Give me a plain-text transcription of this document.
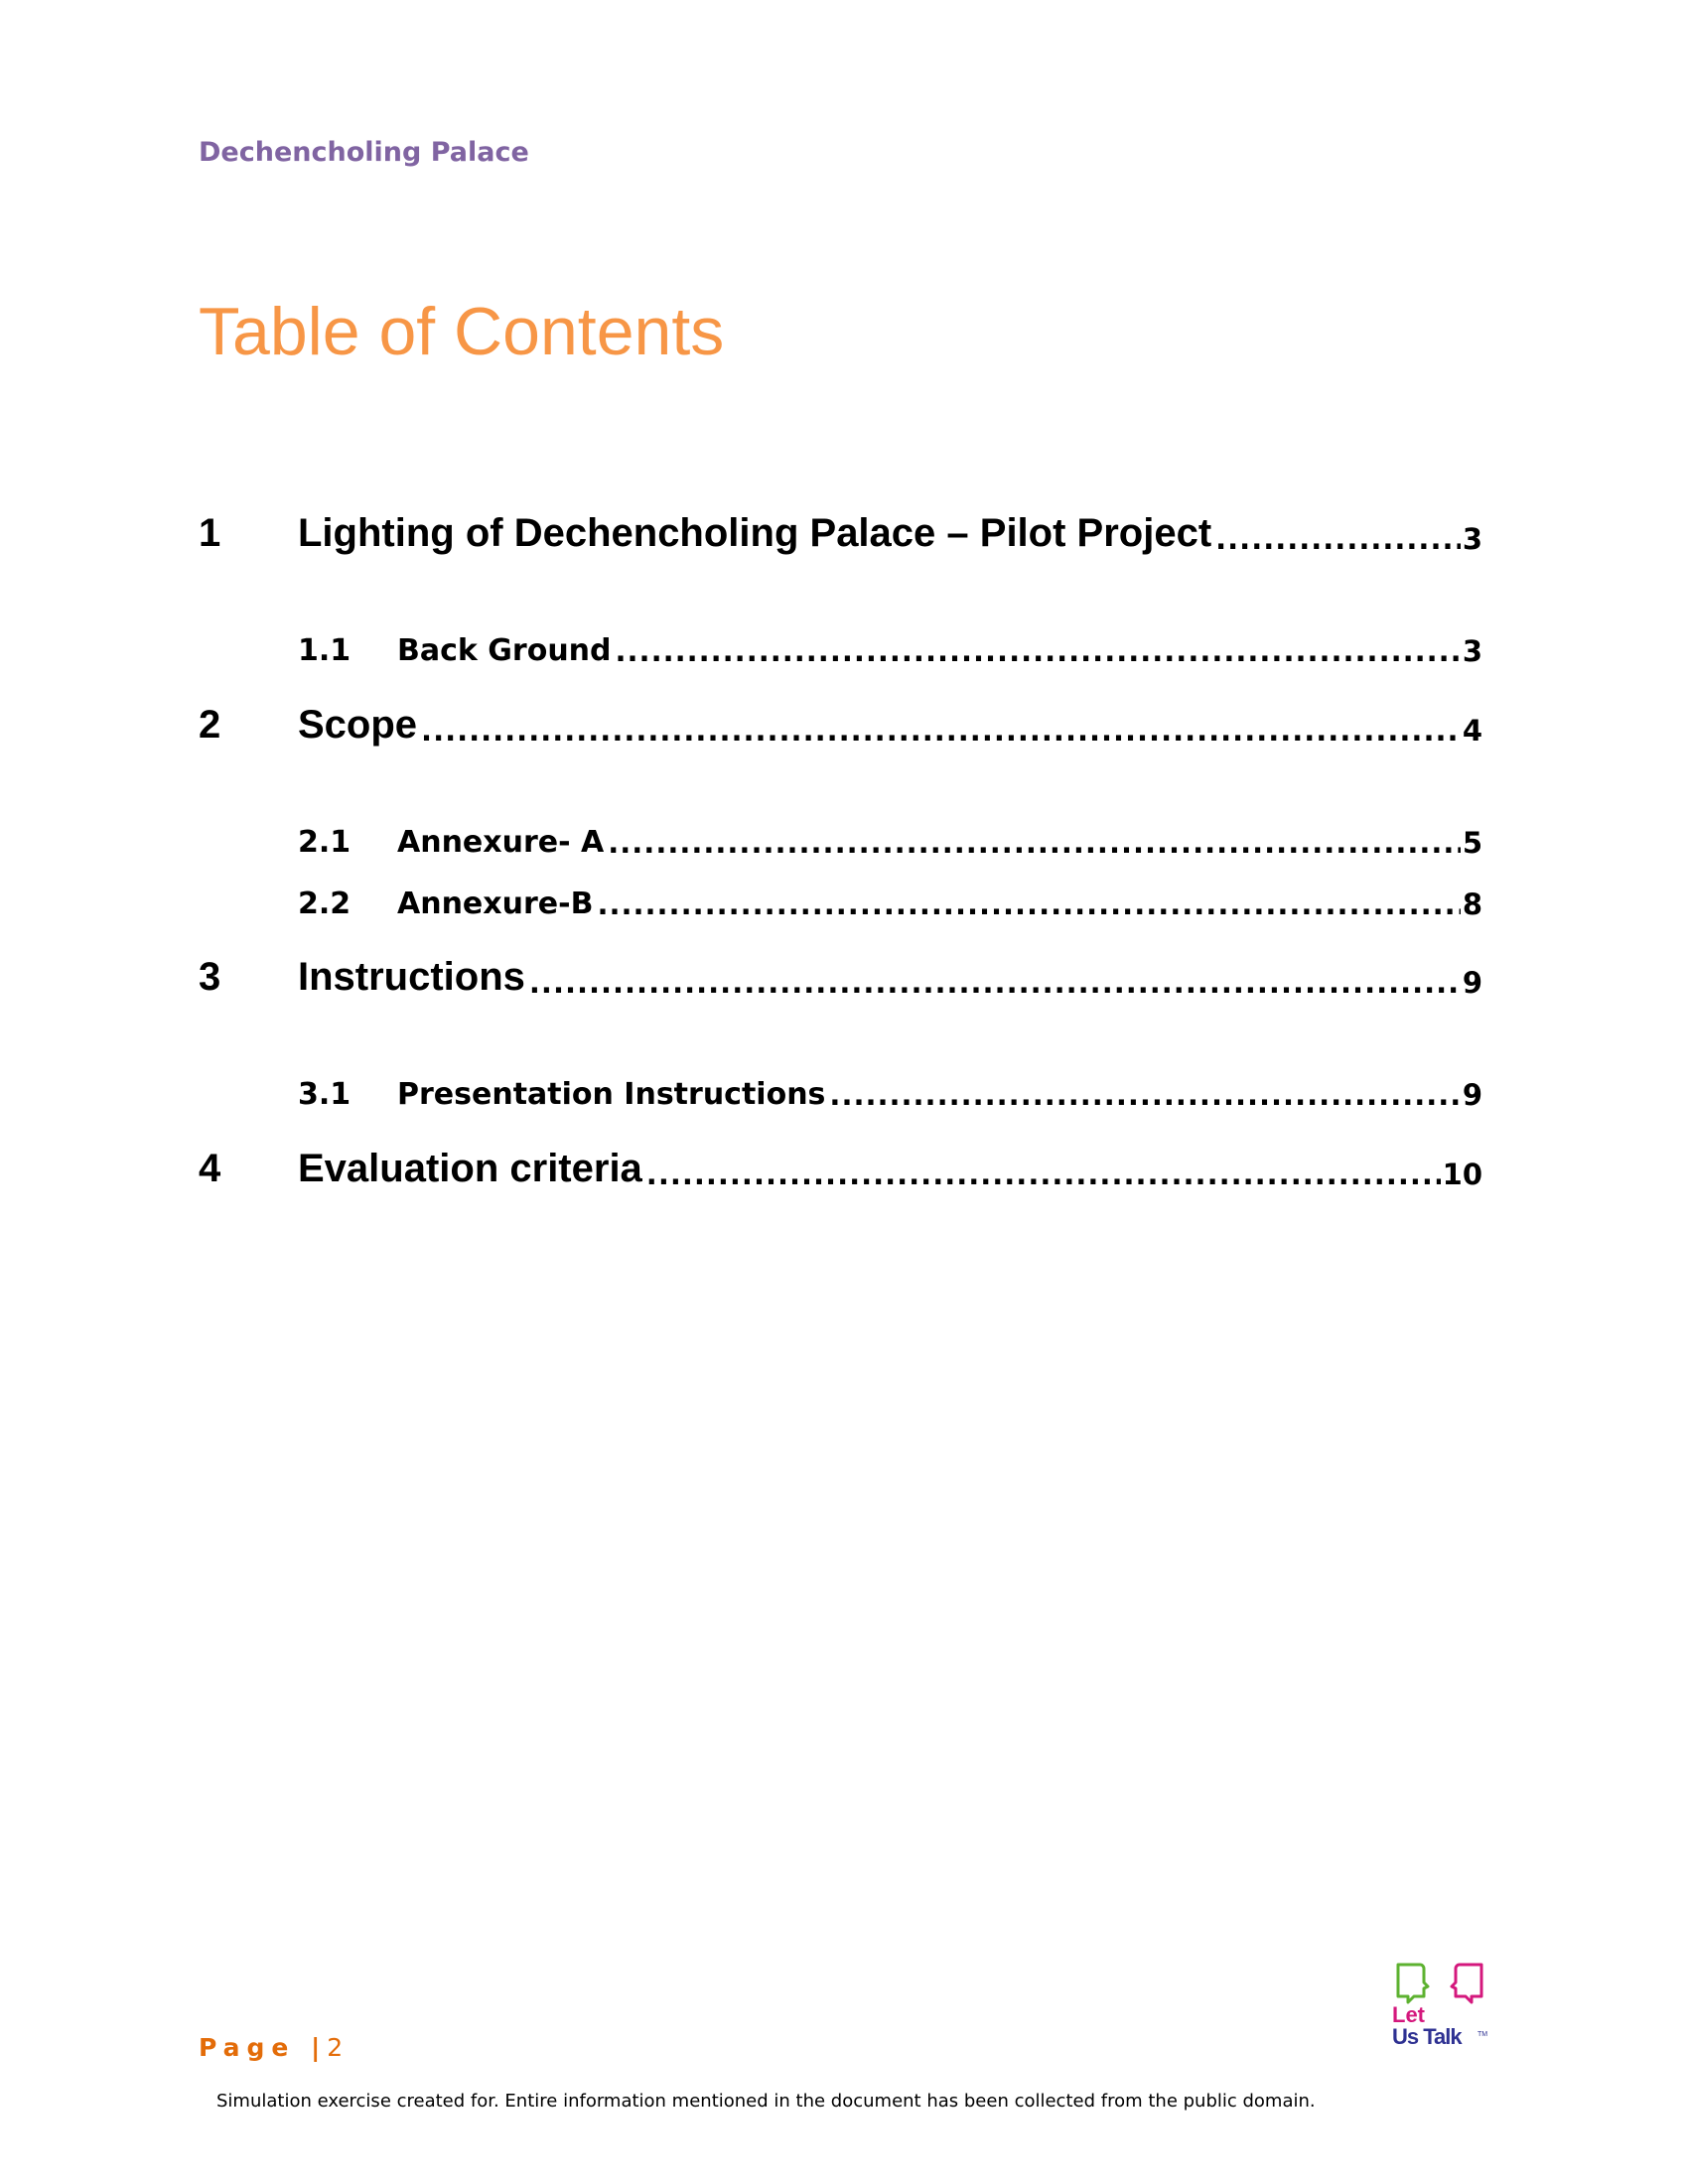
Dechencholing Palace
Table of Contents
1	Lighting of Dechencholing Palace – Pilot Project .....	3
1.1	Back Ground .....	3
2	Scope .....	4
2.1	Annexure- A .....	5
2.2	Annexure-B .....	8
3	Instructions .....	9
3.1	Presentation Instructions .....	9
4	Evaluation criteria .....	10
Let
Us Talk TM
Page |2
Simulation exercise created for. Entire information mentioned in the document has been collected from the public domain.
